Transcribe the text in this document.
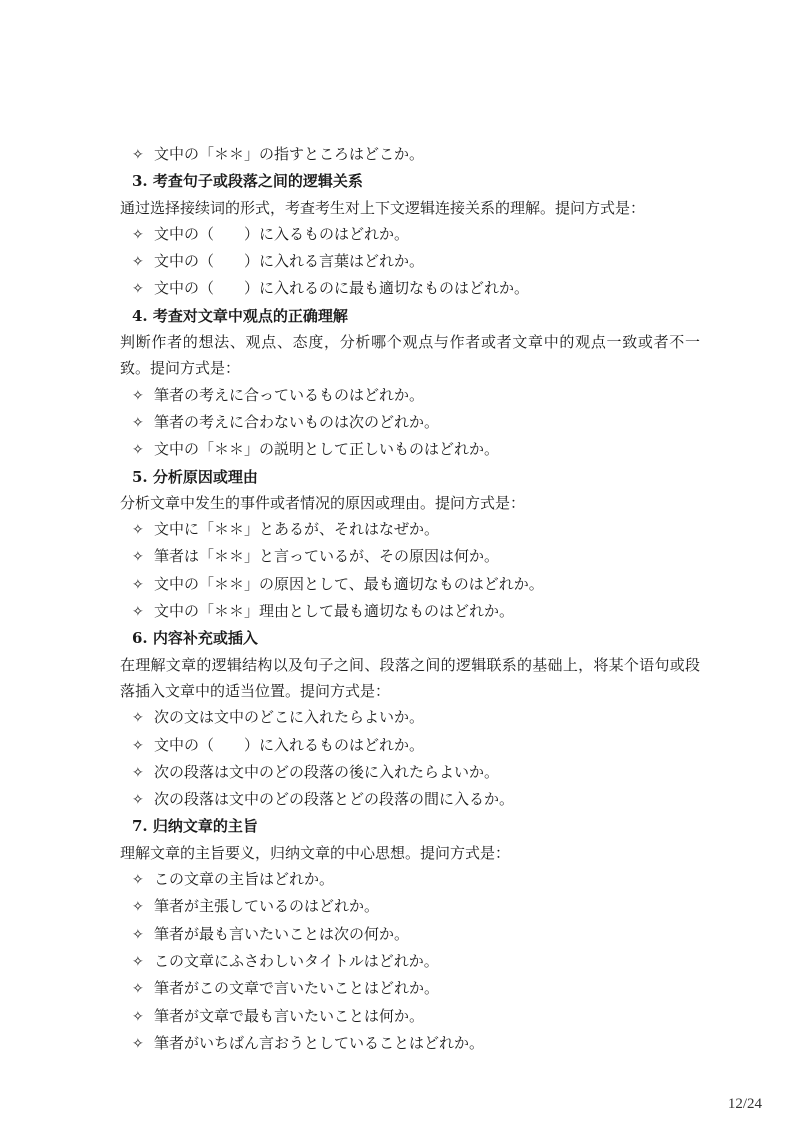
✧ 文中の「＊＊」の指すところはどこか。
3. 考查句子或段落之间的逻辑关系
通过选择接续词的形式，考查考生对上下文逻辑连接关系的理解。提问方式是：
✧ 文中の（　　）に入るものはどれか。
✧ 文中の（　　）に入れる言葉はどれか。
✧ 文中の（　　）に入れるのに最も適切なものはどれか。
4. 考查对文章中观点的正确理解
判断作者的想法、观点、态度，分析哪个观点与作者或者文章中的观点一致或者不一致。提问方式是：
✧ 筆者の考えに合っているものはどれか。
✧ 筆者の考えに合わないものは次のどれか。
✧ 文中の「＊＊」の説明として正しいものはどれか。
5. 分析原因或理由
分析文章中发生的事件或者情况的原因或理由。提问方式是：
✧ 文中に「＊＊」とあるが、それはなぜか。
✧ 筆者は「＊＊」と言っているが、その原因は何か。
✧ 文中の「＊＊」の原因として、最も適切なものはどれか。
✧ 文中の「＊＊」理由として最も適切なものはどれか。
6. 内容补充或插入
在理解文章的逻辑结构以及句子之间、段落之间的逻辑联系的基础上，将某个语句或段落插入文章中的适当位置。提问方式是：
✧ 次の文は文中のどこに入れたらよいか。
✧ 文中の（　　）に入れるものはどれか。
✧ 次の段落は文中のどの段落の後に入れたらよいか。
✧ 次の段落は文中のどの段落とどの段落の間に入るか。
7. 归纳文章的主旨
理解文章的主旨要义，归纳文章的中心思想。提问方式是：
✧ この文章の主旨はどれか。
✧ 筆者が主張しているのはどれか。
✧ 筆者が最も言いたいことは次の何か。
✧ この文章にふさわしいタイトルはどれか。
✧ 筆者がこの文章で言いたいことはどれか。
✧ 筆者が文章で最も言いたいことは何か。
✧ 筆者がいちばん言おうとしていることはどれか。
12/24
